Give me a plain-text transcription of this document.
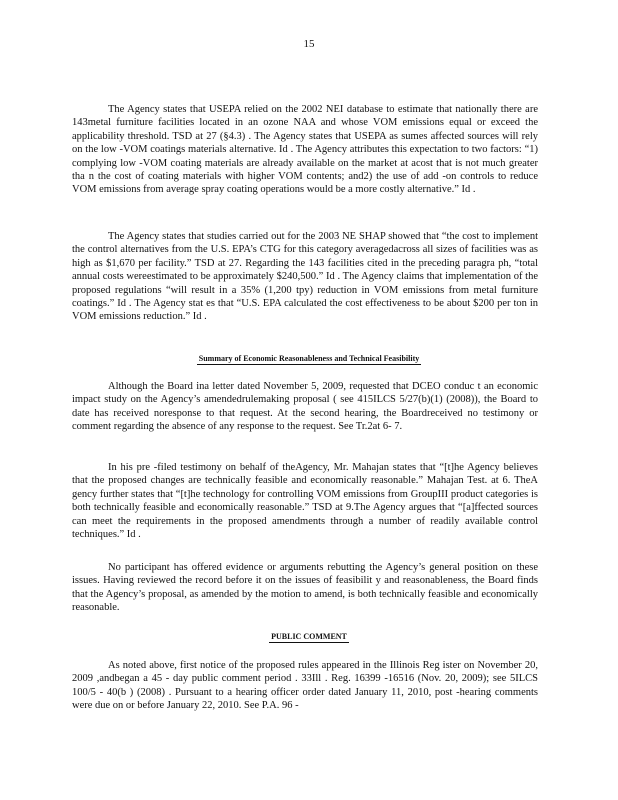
15

The Agency states that USEPA relied on the 2002 NEI database to estimate that nationally there are 143metal furniture facilities located in an ozone NAA and whose VOM emissions equal or exceed the applicability threshold. TSD at 27 (§4.3) . The Agency states that USEPA as sumes affected sources will rely on the low -VOM coatings materials alternative. Id . The Agency attributes this expectation to two factors: “1) complying low -VOM coating materials are already available on the market at acost that is not much greater tha n the cost of coating materials with higher VOM contents; and2) the use of add -on controls to reduce VOM emissions from average spray coating operations would be a more costly alternative.” Id .

The Agency states that studies carried out for the 2003 NE SHAP showed that “the cost to implement the control alternatives from the U.S. EPA’s CTG for this category averagedacross all sizes of facilities was as high as $1,670 per facility.” TSD at 27. Regarding the 143 facilities cited in the preceding paragra ph, “total annual costs wereestimated to be approximately $240,500.” Id . The Agency claims that implementation of the proposed regulations “will result in a 35% (1,200 tpy) reduction in VOM emissions from metal furniture coatings.” Id . The Agency stat es that “U.S. EPA calculated the cost effectiveness to be about $200 per ton in VOM emissions reduction.” Id .

Summary of Economic Reasonableness and Technical Feasibility

Although the Board ina letter dated November 5, 2009, requested that DCEO conduc t an economic impact study on the Agency’s amendedrulemaking proposal ( see 415ILCS 5/27(b)(1) (2008)), the Board to date has received noresponse to that request. At the second hearing, the Boardreceived no testimony or comment regarding the absence of any response to the request. See Tr.2at 6- 7.

In his pre -filed testimony on behalf of theAgency, Mr. Mahajan states that “[t]he Agency believes that the proposed changes are technically feasible and economically reasonable.” Mahajan Test. at 6. TheA gency further states that “[t]he technology for controlling VOM emissions from GroupIII product categories is both technically feasible and economically reasonable.” TSD at 9.The Agency argues that “[a]ffected sources can meet the requirements in the proposed amendments through a number of readily available control techniques.” Id .

No participant has offered evidence or arguments rebutting the Agency’s general position on these issues. Having reviewed the record before it on the issues of feasibilit y and reasonableness, the Board finds that the Agency’s proposal, as amended by the motion to amend, is both technically feasible and economically reasonable.

PUBLIC COMMENT

As noted above, first notice of the proposed rules appeared in the Illinois Reg ister on November 20, 2009 ,andbegan a 45 - day public comment period . 33Ill . Reg. 16399 -16516 (Nov. 20, 2009); see 5ILCS 100/5 - 40(b ) (2008) . Pursuant to a hearing officer order dated January 11, 2010, post -hearing comments were due on or before January 22, 2010. See P.A. 96 -
